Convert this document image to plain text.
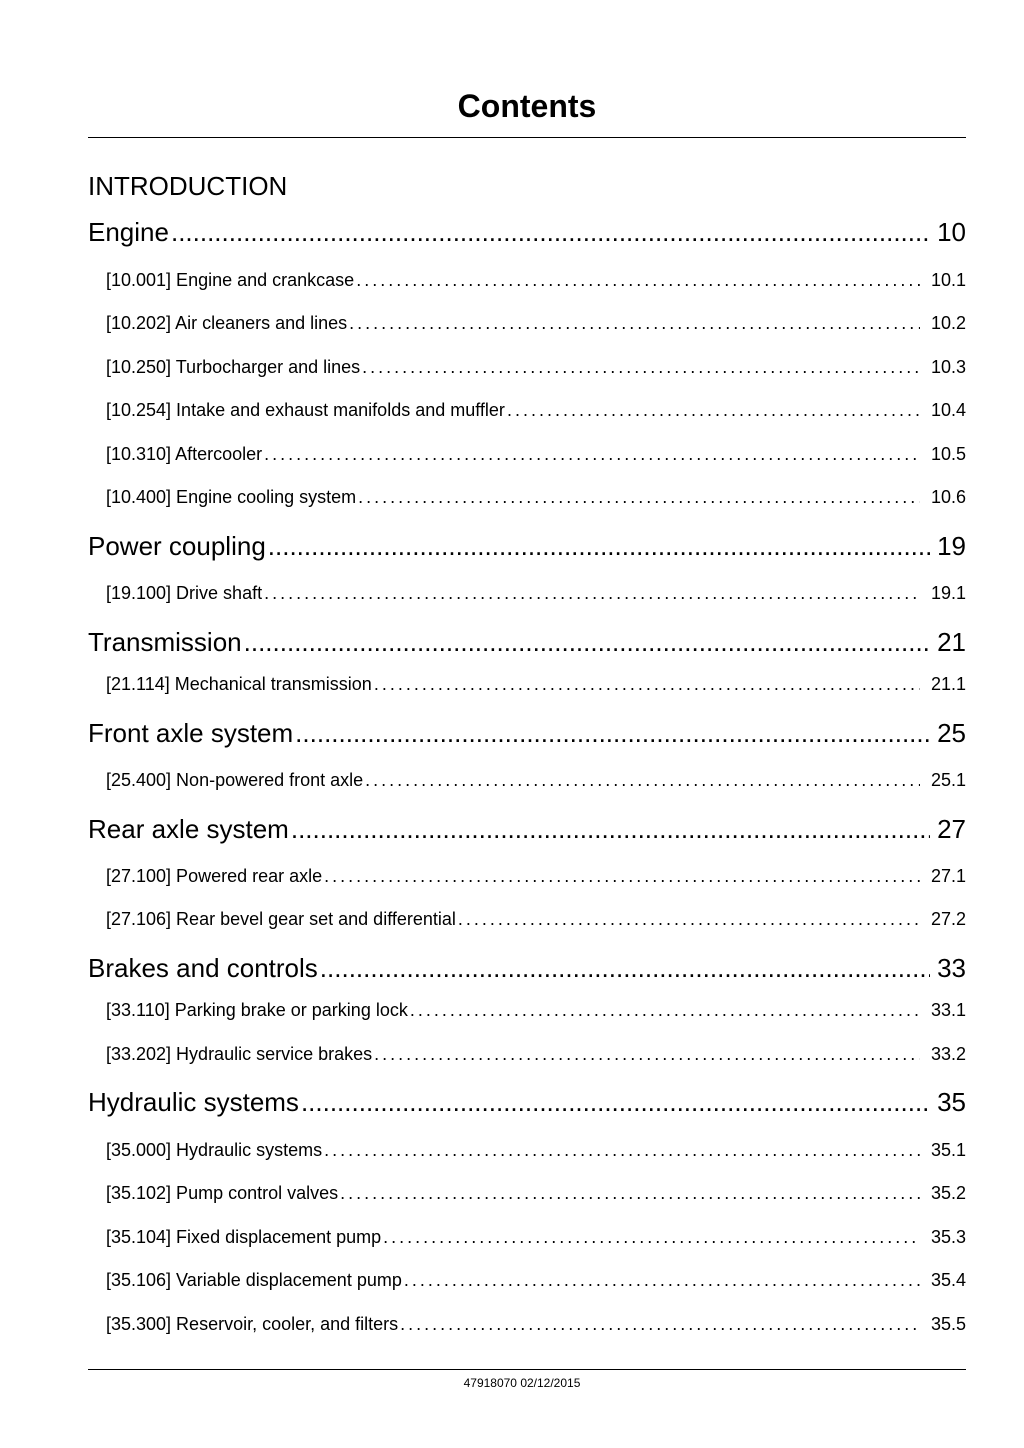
Contents
INTRODUCTION
Engine .....	10
[10.001] Engine and crankcase . . .	10.1
[10.202] Air cleaners and lines . . .	10.2
[10.250] Turbocharger and lines . . .	10.3
[10.254] Intake and exhaust manifolds and muffler . . .	10.4
[10.310] Aftercooler . . .	10.5
[10.400] Engine cooling system . . .	10.6
Power coupling .....	19
[19.100] Drive shaft . . .	19.1
Transmission .....	21
[21.114] Mechanical transmission . . .	21.1
Front axle system .....	25
[25.400] Non-powered front axle . . .	25.1
Rear axle system .....	27
[27.100] Powered rear axle . . .	27.1
[27.106] Rear bevel gear set and differential . . .	27.2
Brakes and controls .....	33
[33.110] Parking brake or parking lock . . .	33.1
[33.202] Hydraulic service brakes . . .	33.2
Hydraulic systems .....	35
[35.000] Hydraulic systems . . .	35.1
[35.102] Pump control valves . . .	35.2
[35.104] Fixed displacement pump . . .	35.3
[35.106] Variable displacement pump . . .	35.4
[35.300] Reservoir, cooler, and filters . . .	35.5
47918070 02/12/2015
